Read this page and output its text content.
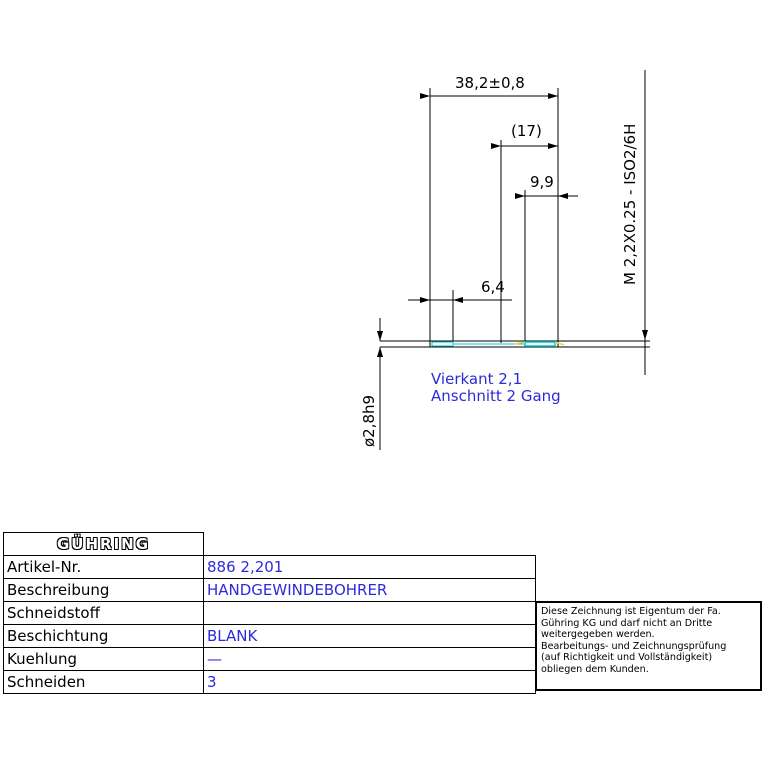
38,2±0,8
(17)
9,9
6,4
ø2,8h9
M 2,2X0.25 - ISO2/6H
Vierkant 2,1
Anschnitt 2 Gang
GÜHRING	
Artikel-Nr.	886 2,201
Beschreibung	HANDGEWINDEBOHRER
Schneidstoff	
Beschichtung	BLANK
Kuehlung	—
Schneiden	3
Diese Zeichnung ist Eigentum der Fa.
Gühring KG und darf nicht an Dritte
weitergegeben werden.
Bearbeitungs- und Zeichnungsprüfung
(auf Richtigkeit und Vollständigkeit)
obliegen dem Kunden.
